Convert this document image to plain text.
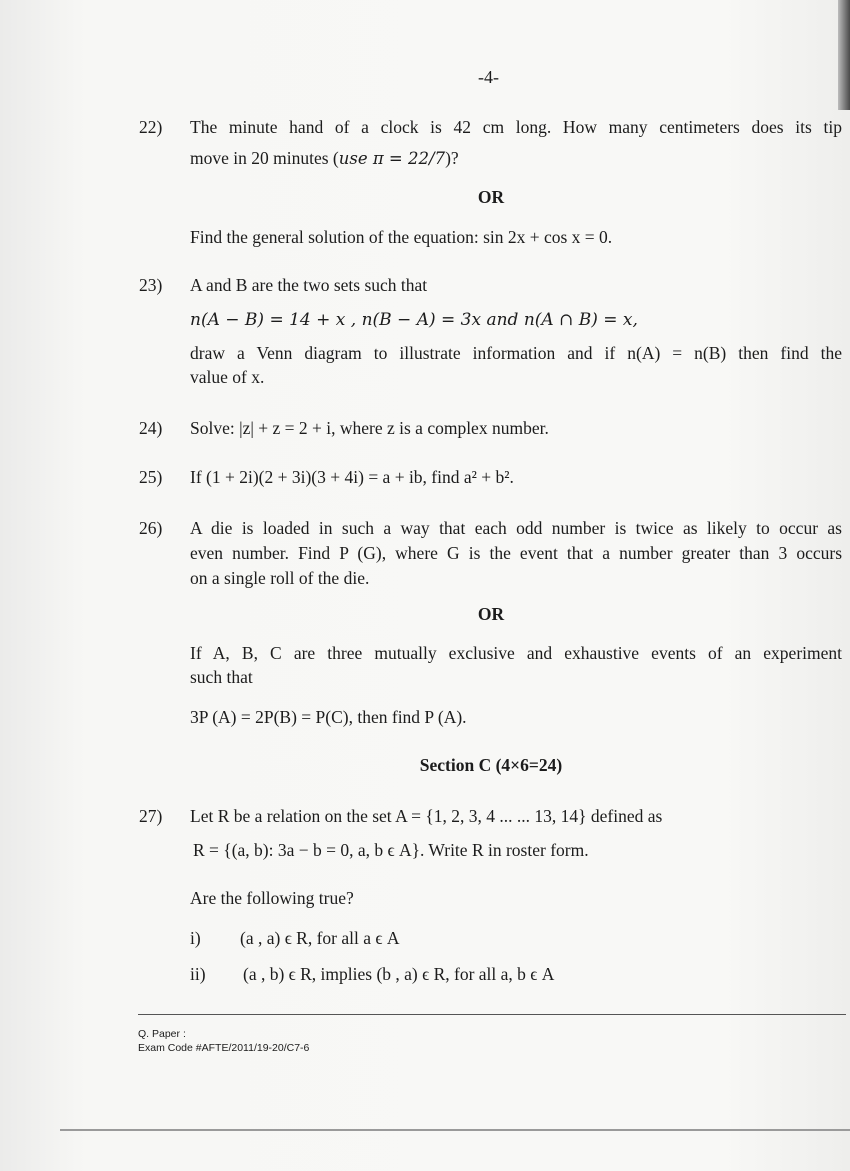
-4-
22) The minute hand of a clock is 42 cm long. How many centimeters does its tip
move in 20 minutes (use π = 22/7)?
OR
Find the general solution of the equation: sin 2x + cos x = 0.
23) A and B are the two sets such that
n(A − B) = 14 + x , n(B − A) = 3x and n(A ∩ B) = x,
draw a Venn diagram to illustrate information and if n(A) = n(B) then find the
value of x.
24) Solve: |z| + z = 2 + i, where z is a complex number.
25) If (1 + 2i)(2 + 3i)(3 + 4i) = a + ib, find a² + b².
26) A die is loaded in such a way that each odd number is twice as likely to occur as
even number. Find P (G), where G is the event that a number greater than 3 occurs
on a single roll of the die.
OR
If A, B, C are three mutually exclusive and exhaustive events of an experiment
such that
3P (A) = 2P(B) = P(C), then find P (A).
Section C (4×6=24)
27) Let R be a relation on the set A = {1, 2, 3, 4 ... ... 13, 14} defined as
R = {(a, b): 3a − b = 0, a, b ϵ A}. Write R in roster form.
Are the following true?
i) (a , a) ϵ R, for all a ϵ A
ii) (a , b) ϵ R, implies (b , a) ϵ R, for all a, b ϵ A
Q. Paper :
Exam Code #AFTE/2011/19-20/C7-6
